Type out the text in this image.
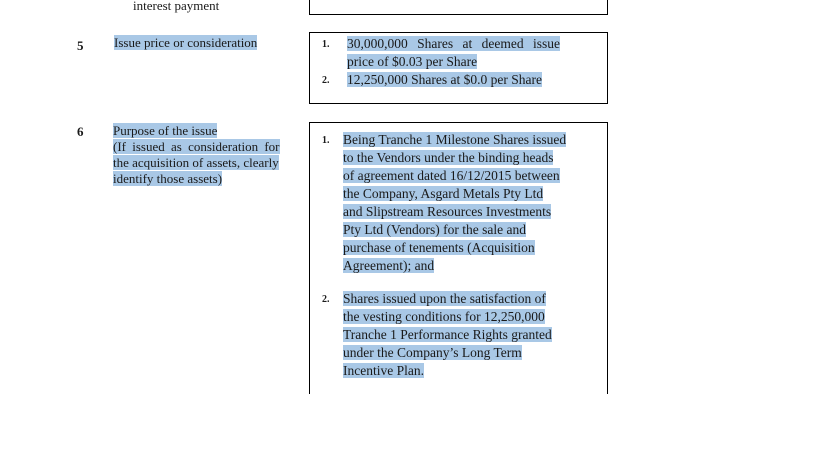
interest payment
5 Issue price or consideration	1. 30,000,000 Shares at deemed issue
price of $0.03 per Share
2. 12,250,000 Shares at $0.0 per Share
6 Purpose of the issue
(If issued as consideration for
the acquisition of assets, clearly
identify those assets)
1. Being Tranche 1 Milestone Shares issued
to the Vendors under the binding heads
of agreement dated 16/12/2015 between
the Company, Asgard Metals Pty Ltd
and Slipstream Resources Investments
Pty Ltd (Vendors) for the sale and
purchase of tenements (Acquisition
Agreement); and
2. Shares issued upon the satisfaction of
the vesting conditions for 12,250,000
Tranche 1 Performance Rights granted
under the Company’s Long Term
Incentive Plan.
